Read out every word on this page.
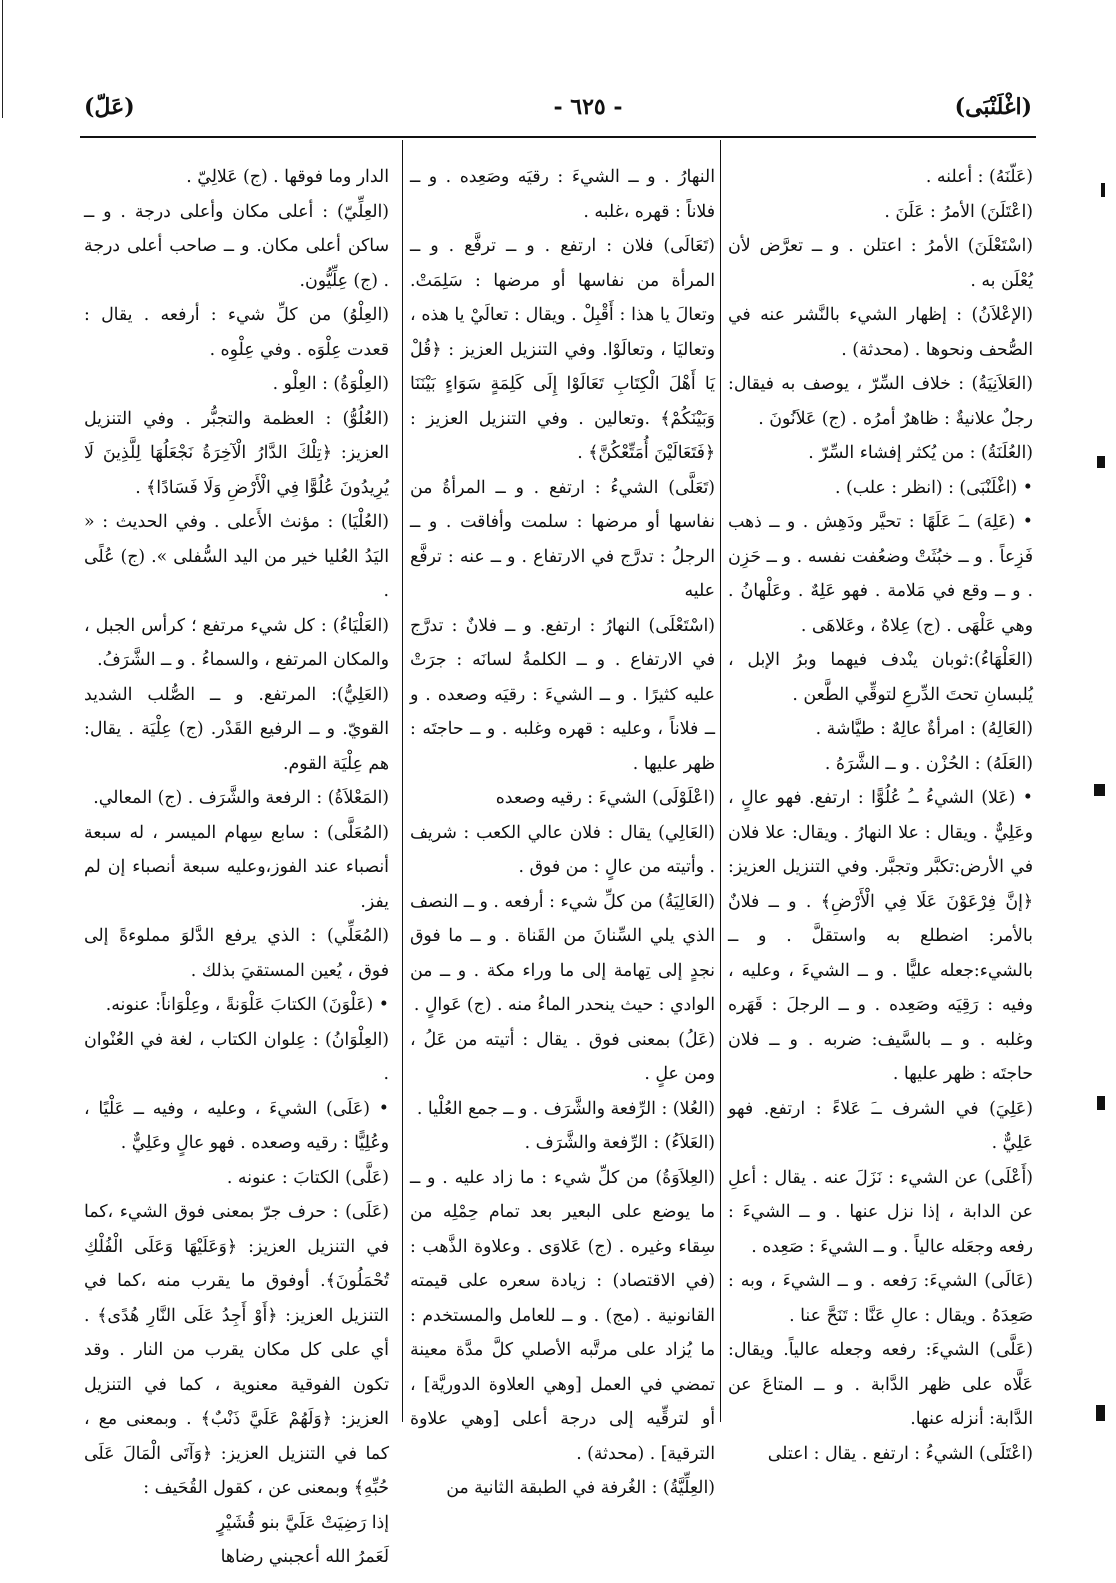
(عَلّ)	- ٦٢٥ -	(اغْلَنْبَى)

(عَلّنَهُ) : أعلنه .

(اعْتَلَنَ) الأمرُ : عَلَنَ .

(اسْتَعْلَنَ) الأمرُ : اعتلن . و ــ تعرَّض لأن يُعْلَن به .

(الإعْلاَنُ) : إظهار الشيء بالنَّشر عنه في الصُّحف ونحوها . (محدثة) .

(العَلاَنِيَةُ) : خلاف السِّرّ ، يوصف به فيقال: رجلٌ علانيةٌ : ظاهرٌ أمرُه . (ج) عَلاَنُونَ .

(العُلَنَةُ) : من يُكثر إفشاء السِّرّ .

• (اغْلَنْبَى) : (انظر : علب) .

• (عَلِهَ) ــَ عَلَهًا : تحيَّر ودَهِش . و ــ ذهب فَزِعاً . و ــ خبُثَتْ وضعُفت نفسه . و ــ حَزِن . و ــ وقع في مَلامة . فهو عَلِهٌ . وعَلْهانُ . وهي عَلْهَى . (ج) عِلاهٌ ، وعَلاهَى .

(العَلْهَاءُ):ثوبان ينْدف فيهما وبرُ الإبل ، يُلبسانِ تحتَ الدِّرعِ لتوقِّي الطَّعن .

(العَالِهُ) : امرأةٌ عالِهٌ : طيَّاشة .

(العَلَهُ) : الحُزْن . و ــ الشَّرَهُ .

• (عَلا) الشيءُ ــُ عُلُوًّا : ارتفع. فهو عالٍ ، وعَلِيٌّ . ويقال : علا النهارُ . ويقال: علا فلان في الأرض:تكبَّر وتجبَّر. وفي التنزيل العزيز: ﴿إنَّ فِرْعَوْنَ عَلَا فِي الْأَرْضِ﴾ . و ــ فلانٌ بالأمر: اضطلع به واستقلَّ . و ــ بالشيء:جعله عليًّا . و ــ الشيءَ ، وعليه ، وفيه : رَقِيَه وصَعِده . و ــ الرجلَ : قَهَره وغلبه . و ــ بالسَّيف: ضربه . و ــ فلان حاجتَه : ظهر عليها .

(عَلِيَ) في الشرف ــَ عَلاءً : ارتفع. فهو عَلِيٌّ .

(أَعْلَى) عن الشيء : نَزَلَ عنه . يقال : أعلِ عن الدابة ، إذا نزل عنها . و ــ الشيءَ : رفعه وجعَله عالياً . و ــ الشيءَ : صَعِده .

(عَالَى) الشيءَ: رَفعه . و ــ الشيءَ ، وبه : صَعِدَهُ . ويقال : عالِ عَنَّا : تَنَحَّ عنا .

(عَلَّى) الشيءَ: رفعه وجعله عالياً. ويقال: عَلَّاه على ظهر الدَّابة . و ــ المتاعَ عن الدَّابة: أنزله عنها.

(اعْتَلَى) الشيءُ : ارتفع . يقال : اعتلى

النهارُ . و ــ الشيءَ : رقيَه وصَعِده . و ــ فلاناً : قهره ،غلبه .

(تَعَالَى) فلان : ارتفع . و ــ ترفَّع . و ــ المرأة من نفاسها أو مرضها : سَلِمَتْ. وتعالَ يا هذا : أَقْبِلْ . ويقال : تعالَيْ يا هذه ، وتعاليَا ، وتعالَوْا. وفي التنزيل العزيز : ﴿قُلْ يَا أَهْلَ الْكِتَابِ تَعَالَوْا إِلَى كَلِمَةٍ سَوَاءٍ بَيْنَنَا وَبَيْنَكُمْ﴾ .وتعالين . وفي التنزيل العزيز : ﴿فَتَعَالَيْنَ أُمَتِّعْكُنَّ﴾ .

(تَعَلَّى) الشيءُ : ارتفع . و ــ المرأةُ من نفاسها أو مرضها : سلمت وأفاقت . و ــ الرجلُ : تدرَّج في الارتفاع . و ــ عنه : ترفَّع عليه

(اسْتَعْلَى) النهارُ : ارتفع. و ــ فلانٌ : تدرَّج في الارتفاع . و ــ الكلمةُ لسانَه : جرَتْ عليه كثيرًا . و ــ الشيءَ : رقيَه وصعده . و ــ فلاناً ، وعليه : قهره وغلبه . و ــ حاجتَه : ظهر عليها .

(اعْلَوْلَى) الشيءَ : رقيه وصعده

(العَالِي) يقال : فلان عالي الكعب : شريف . وأتيته من عالٍ : من فوق .

(العَالِيَةُ) من كلِّ شيء : أرفعه . و ــ النصف الذي يلي السِّنانَ من القَناة . و ــ ما فوق نجدٍ إلى تِهامة إلى ما وراء مكة . و ــ من الوادي : حيث ينحدر الماءُ منه . (ج) عَوالٍ .

(عَلُ) بمعنى فوق . يقال : أتيته من عَلُ ، ومن علٍ .

(العُلا) : الرِّفعة والشَّرَف . و ــ جمع العُلْيا .

(العَلاَءُ) : الرِّفعة والشَّرَف .

(العِلاَوَةُ) من كلِّ شيء : ما زاد عليه . و ــ ما يوضع على البعير بعد تمام حِمْلِه من سِقاء وغيره . (ج) عَلاوَى . وعلاوة الذَّهب : (في الاقتصاد) : زيادة سعره على قيمته القانونية . (مج) . و ــ للعامل والمستخدم : ما يُزاد على مرتَّبه الأصلي كلَّ مدَّة معينة تمضي في العمل [وهي العلاوة الدوريَّة] ، أو لترقِّيه إلى درجة أعلى [وهي علاوة الترقية] . (محدثة) .

(العِلِّيَّةُ) : الغُرفة في الطبقة الثانية من

الدار وما فوقها . (ج) عَلالِيّ .

(العِلِّيّ) : أعلى مكان وأعلى درجة . و ــ ساكن أعلى مكان. و ــ صاحب أعلى درجة . (ج) عِلِّيُّون.

(العِلْوُ) من كلِّ شيء : أرفعه . يقال : قعدت عِلْوَه . وفي عِلْوِه .

(العِلْوَةُ) : العِلْو .

(العُلُوُّ) : العظمة والتجبُّر . وفي التنزيل العزيز: ﴿تِلْكَ الدَّارُ الْآخِرَةُ نَجْعَلُهَا لِلَّذِينَ لَا يُرِيدُونَ عُلُوًّا فِي الْأَرْضِ وَلَا فَسَادًا﴾ .

(العُلْيَا) : مؤنث الأَعلى . وفي الحديث : « اليَدُ العُليا خير من اليد السُّفلى ». (ج) عُلًى .

(العَلْيَاءُ) : كل شيء مرتفع ؛ كرأس الجبل ، والمكان المرتفع ، والسماءُ . و ــ الشَّرَفُ.

(العَلِيُّ): المرتفع. و ــ الصُّلب الشديد القويّ. و ــ الرفيع القَدْر. (ج) عِلْيَة . يقال: هم عِلْيَة القوم.

(المَعْلاَةُ) : الرفعة والشَّرَف . (ج) المعالي.

(المُعَلَّى) : سابع سِهام الميسر ، له سبعة أنصباء عند الفوز،وعليه سبعة أنصباء إن لم يفز.

(المُعَلِّي) : الذي يرفع الدَّلوَ مملوءةً إلى فوق ، يُعين المستقيَ بذلك .

• (عَلْوَنَ) الكتابَ عَلْوَنةً ، وعِلْوَاناً: عنونه.

(العِلْوَانُ) : عِلوان الكتاب ، لغة في العُنْوان .

• (عَلَى) الشيءَ ، وعليه ، وفيه ــ عَلْيًا ، وعُلِيًّا : رقيه وصعده . فهو عالٍ وعَلِيٌّ .

(عَلَّى) الكتابَ : عنونه .

(عَلَى) : حرف جرّ بمعنى فوق الشيء ،كما في التنزيل العزيز: ﴿وَعَلَيْهَا وَعَلَى الْفُلْكِ تُحْمَلُونَ﴾. أوفوق ما يقرب منه ،كما في التنزيل العزيز: ﴿أَوْ أَجِدُ عَلَى النَّارِ هُدًى﴾ . أي على كل مكان يقرب من النار . وقد تكون الفوقية معنوية ، كما في التنزيل العزيز: ﴿وَلَهُمْ عَلَيَّ ذَنْبٌ﴾ . وبمعنى مع ، كما في التنزيل العزيز: ﴿وَآتَى الْمَالَ عَلَى حُبِّهِ﴾ وبمعنى عن ، كقول القُحَيف :

إذا رَضِيَتْ عَلَيَّ بنو قُشَيْرٍ

لَعَمرُ الله أعجبني رضاها
